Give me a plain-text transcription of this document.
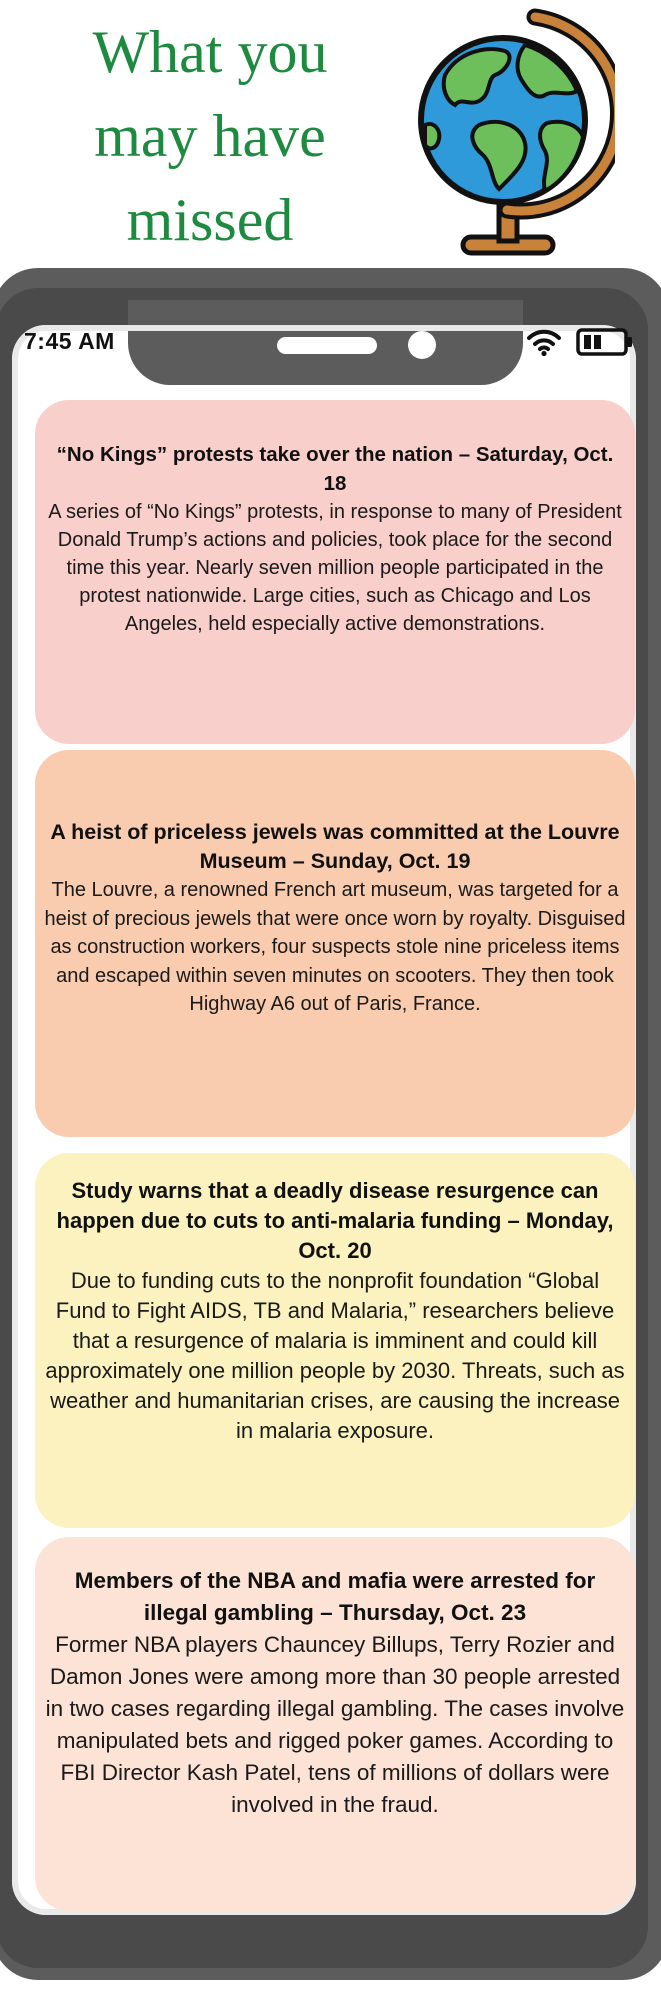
What you
may have
missed
7:45 AM
“No Kings” protests take over the nation – Saturday, Oct. 18

A series of “No Kings” protests, in response to many of President Donald Trump’s actions and policies, took place for the second time this year. Nearly seven million people participated in the protest nationwide. Large cities, such as Chicago and Los Angeles, held especially active demonstrations.

A heist of priceless jewels was committed at the Louvre Museum – Sunday, Oct. 19

The Louvre, a renowned French art museum, was targeted for a heist of precious jewels that were once worn by royalty. Disguised as construction workers, four suspects stole nine priceless items and escaped within seven minutes on scooters. They then took Highway A6 out of Paris, France.

Study warns that a deadly disease resurgence can happen due to cuts to anti-malaria funding – Monday, Oct. 20

Due to funding cuts to the nonprofit foundation “Global Fund to Fight AIDS, TB and Malaria,” researchers believe that a resurgence of malaria is imminent and could kill approximately one million people by 2030. Threats, such as weather and humanitarian crises, are causing the increase in malaria exposure.

Members of the NBA and mafia were arrested for illegal gambling – Thursday, Oct. 23

Former NBA players Chauncey Billups, Terry Rozier and Damon Jones were among more than 30 people arrested in two cases regarding illegal gambling. The cases involve manipulated bets and rigged poker games. According to FBI Director Kash Patel, tens of millions of dollars were involved in the fraud.
